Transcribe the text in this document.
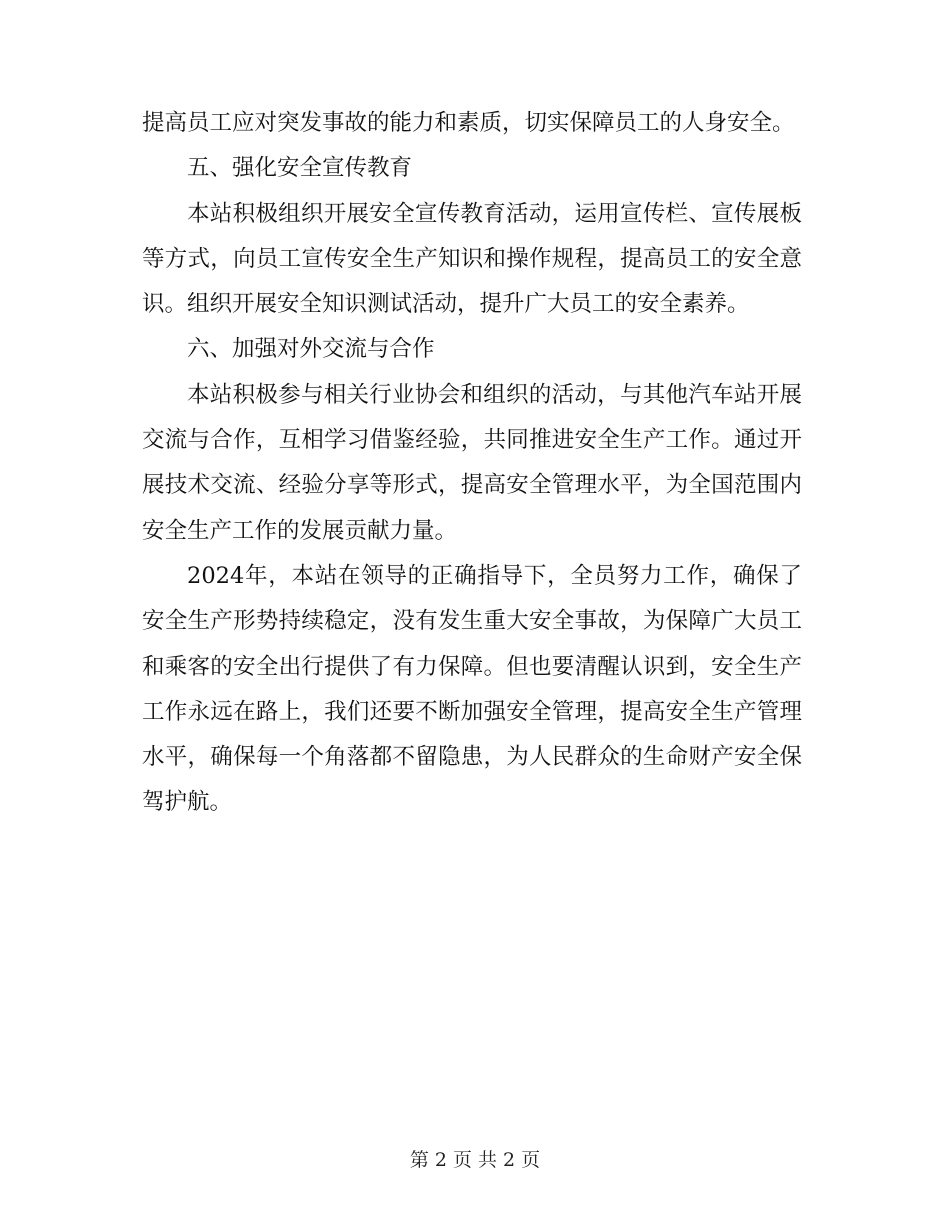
提高员工应对突发事故的能力和素质，切实保障员工的人身安全。

五、强化安全宣传教育

本站积极组织开展安全宣传教育活动，运用宣传栏、宣传展板等方式，向员工宣传安全生产知识和操作规程，提高员工的安全意识。组织开展安全知识测试活动，提升广大员工的安全素养。

六、加强对外交流与合作

本站积极参与相关行业协会和组织的活动，与其他汽车站开展交流与合作，互相学习借鉴经验，共同推进安全生产工作。通过开展技术交流、经验分享等形式，提高安全管理水平，为全国范围内安全生产工作的发展贡献力量。

2024年，本站在领导的正确指导下，全员努力工作，确保了安全生产形势持续稳定，没有发生重大安全事故，为保障广大员工和乘客的安全出行提供了有力保障。但也要清醒认识到，安全生产工作永远在路上，我们还要不断加强安全管理，提高安全生产管理水平，确保每一个角落都不留隐患，为人民群众的生命财产安全保驾护航。

第 2 页 共 2 页
